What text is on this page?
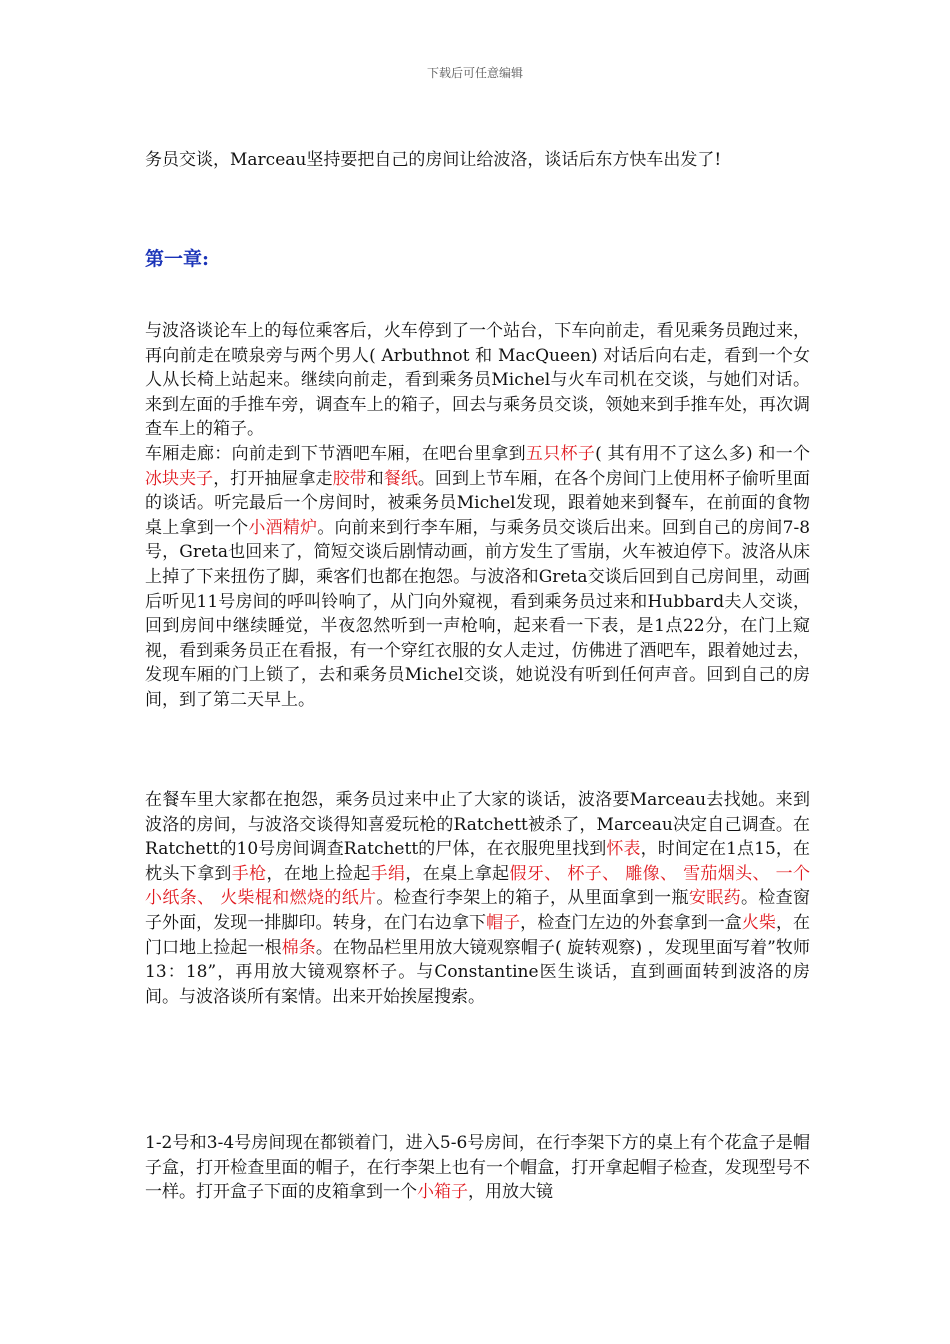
下载后可任意编辑

务员交谈，Marceau坚持要把自己的房间让给波洛，谈话后东方快车出发了!

第一章:

与波洛谈论车上的每位乘客后，火车停到了一个站台，下车向前走，看见乘务员跑过来，再向前走在喷泉旁与两个男人( Arbuthnot 和 MacQueen) 对话后向右走，看到一个女人从长椅上站起来。继续向前走，看到乘务员Michel与火车司机在交谈，与她们对话。来到左面的手推车旁，调查车上的箱子，回去与乘务员交谈，领她来到手推车处，再次调查车上的箱子。

车厢走廊：向前走到下节酒吧车厢，在吧台里拿到五只杯子( 其有用不了这么多) 和一个冰块夹子，打开抽屉拿走胶带和餐纸。回到上节车厢，在各个房间门上使用杯子偷听里面的谈话。听完最后一个房间时，被乘务员Michel发现，跟着她来到餐车，在前面的食物桌上拿到一个小酒精炉。向前来到行李车厢，与乘务员交谈后出来。回到自己的房间7-8号，Greta也回来了，简短交谈后剧情动画，前方发生了雪崩，火车被迫停下。波洛从床上掉了下来扭伤了脚，乘客们也都在抱怨。与波洛和Greta交谈后回到自己房间里，动画后听见11号房间的呼叫铃响了，从门向外窥视，看到乘务员过来和Hubbard夫人交谈，回到房间中继续睡觉，半夜忽然听到一声枪响，起来看一下表，是1点22分，在门上窥视，看到乘务员正在看报，有一个穿红衣服的女人走过，仿佛进了酒吧车，跟着她过去，发现车厢的门上锁了，去和乘务员Michel交谈，她说没有听到任何声音。回到自己的房间，到了第二天早上。

在餐车里大家都在抱怨，乘务员过来中止了大家的谈话，波洛要Marceau去找她。来到波洛的房间，与波洛交谈得知喜爱玩枪的Ratchett被杀了，Marceau决定自己调查。在Ratchett的10号房间调查Ratchett的尸体，在衣服兜里找到怀表，时间定在1点15，在枕头下拿到手枪，在地上捡起手绢，在桌上拿起假牙、 杯子、 雕像、 雪茄烟头、 一个小纸条、 火柴棍和燃烧的纸片。检查行李架上的箱子，从里面拿到一瓶安眠药。检查窗子外面，发现一排脚印。转身，在门右边拿下帽子，检查门左边的外套拿到一盒火柴，在门口地上捡起一根棉条。在物品栏里用放大镜观察帽子( 旋转观察) ，发现里面写着”牧师13：18”，再用放大镜观察杯子。与Constantine医生谈话，直到画面转到波洛的房间。与波洛谈所有案情。出来开始挨屋搜索。

1-2号和3-4号房间现在都锁着门，进入5-6号房间，在行李架下方的桌上有个花盒子是帽子盒，打开检查里面的帽子，在行李架上也有一个帽盒，打开拿起帽子检查，发现型号不一样。打开盒子下面的皮箱拿到一个小箱子，用放大镜
